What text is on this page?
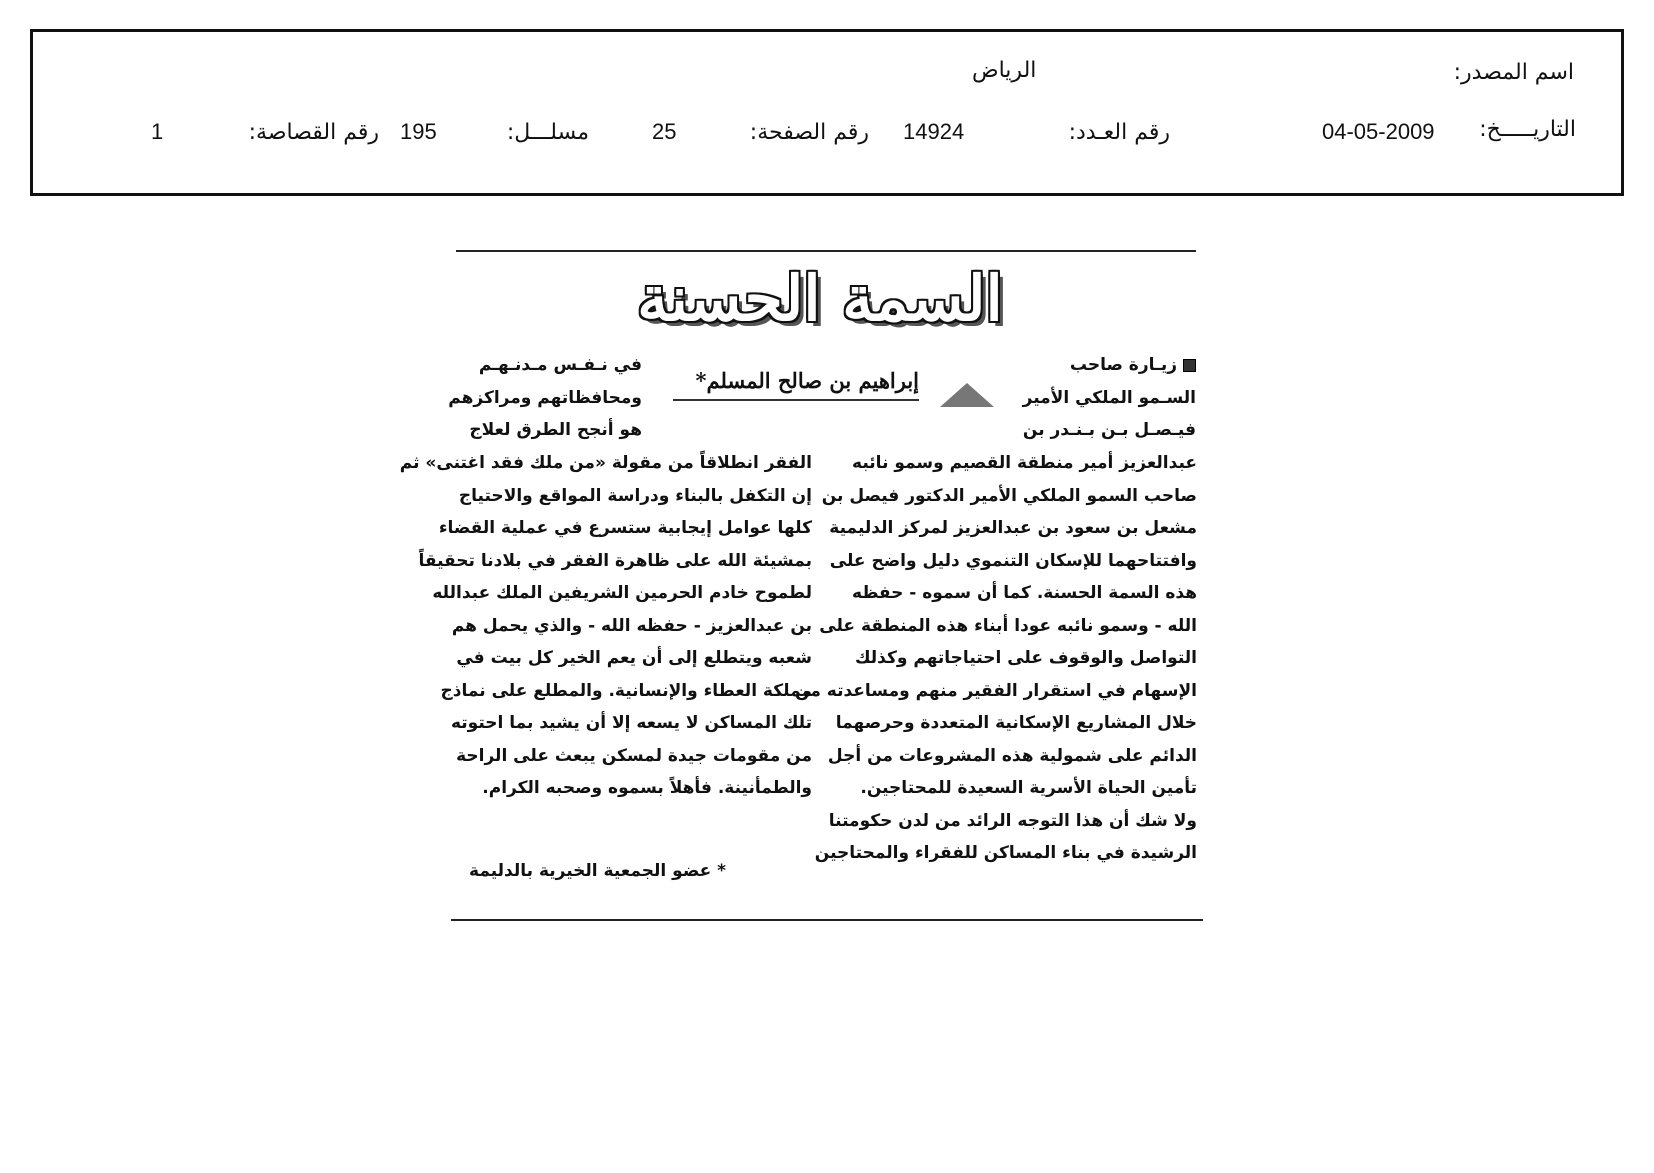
اسم المصدر:
الرياض
التاريـــــخ:
04-05-2009
رقم العـدد:
14924
رقم الصفحة:
25
مسلـــل:
195
رقم القصاصة:
1
السمة الحسنة
إبراهيم بن صالح المسلم*
زيـارة صاحب
السـمو الملكي الأمير
فيـصـل بـن بـنـدر بن
في نـفـس مـدنـهـم
ومحافظاتهم ومراكزهم
هو أنجح الطرق لعلاج
عبدالعزيز أمير منطقة القصيم وسمو نائبه
صاحب السمو الملكي الأمير الدكتور فيصل بن
مشعل بن سعود بن عبدالعزيز لمركز الدليمية
وافتتاحهما للإسكان التنموي دليل واضح على
هذه السمة الحسنة. كما أن سموه - حفظه
الله - وسمو نائبه عودا أبناء هذه المنطقة على
التواصل والوقوف على احتياجاتهم وكذلك
الإسهام في استقرار الفقير منهم ومساعدته من
خلال المشاريع الإسكانية المتعددة وحرصهما
الدائم على شمولية هذه المشروعات من أجل
تأمين الحياة الأسرية السعيدة للمحتاجين.
ولا شك أن هذا التوجه الرائد من لدن حكومتنا
الرشيدة في بناء المساكن للفقراء والمحتاجين
الفقر انطلاقاً من مقولة «من ملك فقد اغتنى» ثم
إن التكفل بالبناء ودراسة المواقع والاحتياج
كلها عوامل إيجابية ستسرع في عملية القضاء
بمشيئة الله على ظاهرة الفقر في بلادنا تحقيقاً
لطموح خادم الحرمين الشريفين الملك عبدالله
بن عبدالعزيز - حفظه الله - والذي يحمل هم
شعبه ويتطلع إلى أن يعم الخير كل بيت في
مملكة العطاء والإنسانية. والمطلع على نماذج
تلك المساكن لا يسعه إلا أن يشيد بما احتوته
من مقومات جيدة لمسكن يبعث على الراحة
والطمأنينة. فأهلاً بسموه وصحبه الكرام.
* عضو الجمعية الخيرية بالدليمة
